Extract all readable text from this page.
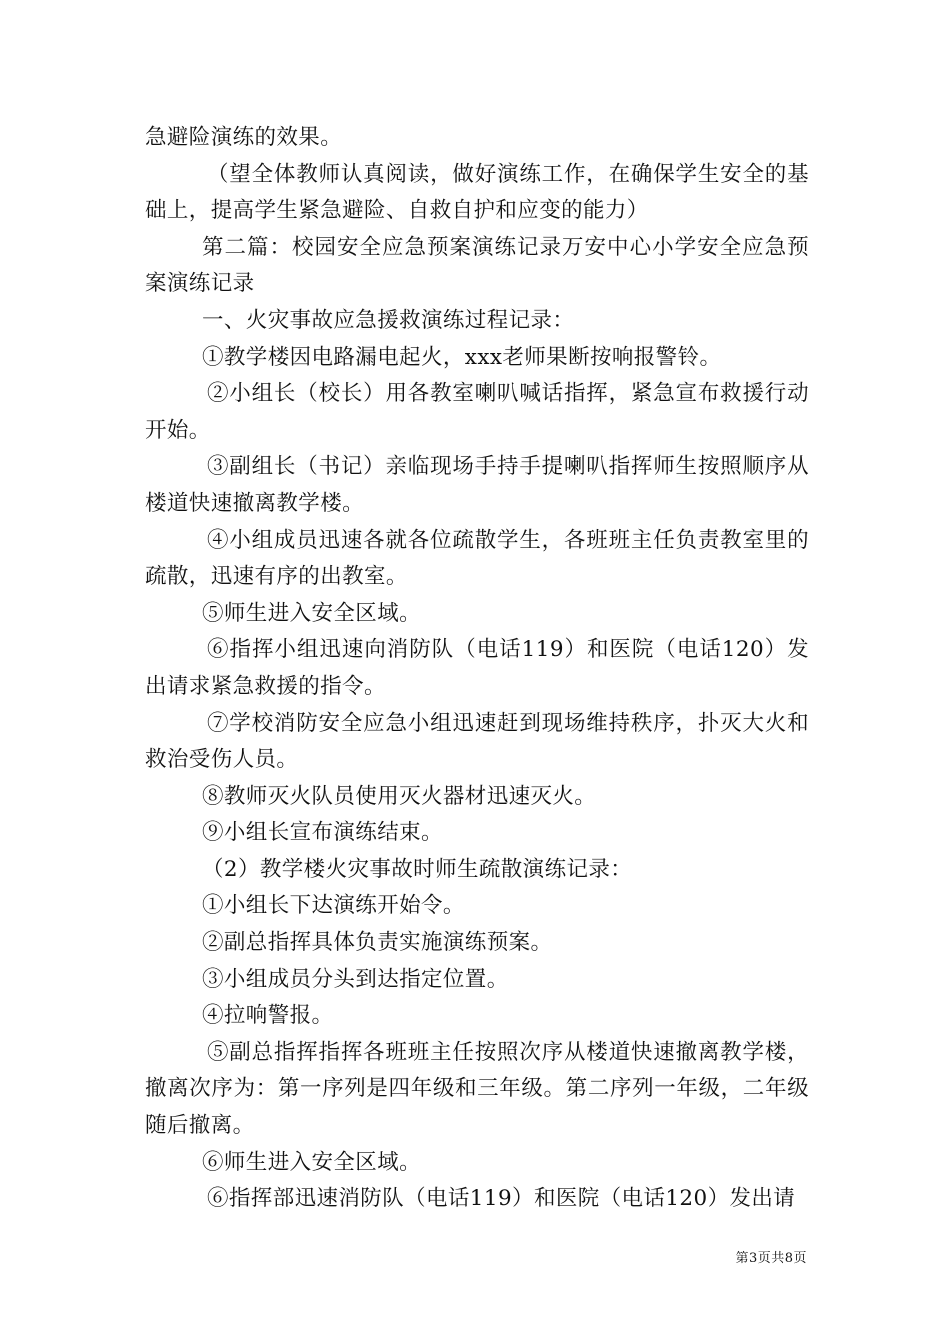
急避险演练的效果。

（望全体教师认真阅读，做好演练工作，在确保学生安全的基础上，提高学生紧急避险、自救自护和应变的能力）

第二篇：校园安全应急预案演练记录万安中心小学安全应急预案演练记录

一、火灾事故应急援救演练过程记录：

①教学楼因电路漏电起火，xxx老师果断按响报警铃。

②小组长（校长）用各教室喇叭喊话指挥，紧急宣布救援行动开始。

③副组长（书记）亲临现场手持手提喇叭指挥师生按照顺序从楼道快速撤离教学楼。

④小组成员迅速各就各位疏散学生，各班班主任负责教室里的疏散，迅速有序的出教室。

⑤师生进入安全区域。

⑥指挥小组迅速向消防队（电话119）和医院（电话120）发出请求紧急救援的指令。

⑦学校消防安全应急小组迅速赶到现场维持秩序，扑灭大火和救治受伤人员。

⑧教师灭火队员使用灭火器材迅速灭火。

⑨小组长宣布演练结束。

（2）教学楼火灾事故时师生疏散演练记录：

①小组长下达演练开始令。

②副总指挥具体负责实施演练预案。

③小组成员分头到达指定位置。

④拉响警报。

⑤副总指挥指挥各班班主任按照次序从楼道快速撤离教学楼，撤离次序为：第一序列是四年级和三年级。第二序列一年级，二年级随后撤离。

⑥师生进入安全区域。

⑥指挥部迅速消防队（电话119）和医院（电话120）发出请

第3页共8页
